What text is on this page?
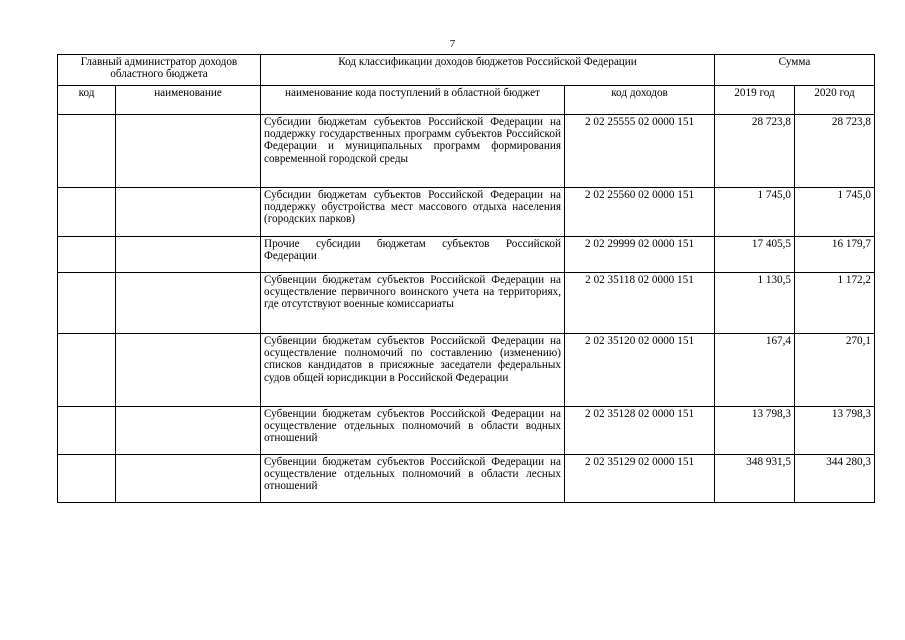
7
Главный администратор доходов областного бюджета		Код классификации доходов бюджетов Российской Федерации		Сумма	
код	наименование	наименование кода поступлений в областной бюджет	код доходов	2019 год	2020 год
		Субсидии бюджетам субъектов Российской Федерации на поддержку государственных программ субъектов Российской Федерации и муниципальных программ формирования современной городской среды	2 02 25555 02 0000 151	28 723,8	28 723,8
		Субсидии бюджетам субъектов Российской Федерации на поддержку обустройства мест массового отдыха населения (городских парков)	2 02 25560 02 0000 151	1 745,0	1 745,0
		Прочие субсидии бюджетам субъектов Российской Федерации	2 02 29999 02 0000 151	17 405,5	16 179,7
		Субвенции бюджетам субъектов Российской Федерации на осуществление первичного воинского учета на территориях, где отсутствуют военные комиссариаты	2 02 35118 02 0000 151	1 130,5	1 172,2
		Субвенции бюджетам субъектов Российской Федерации на осуществление полномочий по составлению (изменению) списков кандидатов в присяжные заседатели федеральных судов общей юрисдикции в Российской Федерации	2 02 35120 02 0000 151	167,4	270,1
		Субвенции бюджетам субъектов Российской Федерации на осуществление отдельных полномочий в области водных отношений	2 02 35128 02 0000 151	13 798,3	13 798,3
		Субвенции бюджетам субъектов Российской Федерации на осуществление отдельных полномочий в области лесных отношений	2 02 35129 02 0000 151	348 931,5	344 280,3
